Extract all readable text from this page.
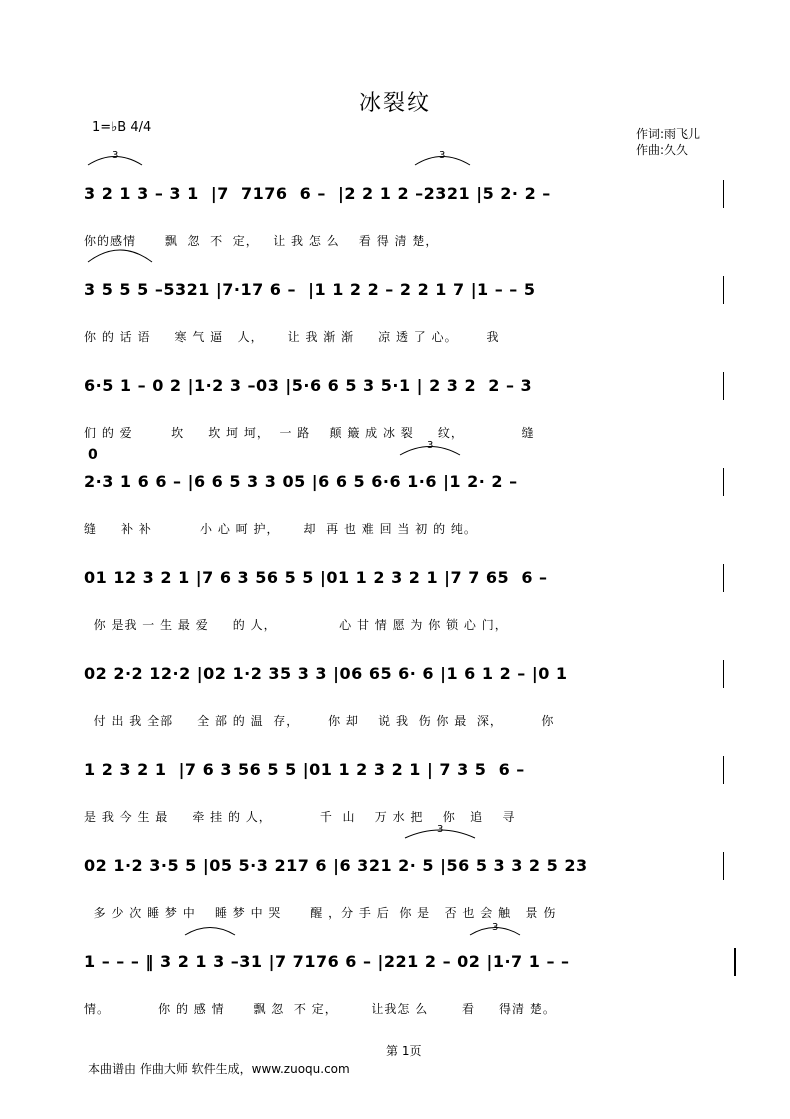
冰裂纹
1=♭B 4/4	作词:雨飞儿
作曲:久久
3 2 1 3 – 3 1  |7  7176  6 –  |2 2 1 2 –2321 |5 2· 2 –
你的感情      飘  忽  不  定，   让 我 怎 么    看 得 清 楚，
3 5 5 5 –5321 |7·17 6 –  |1 1 2 2 – 2 2 1 7 |1 – – 5
你 的 话 语     寒 气 逼   人，     让 我 渐 渐     凉 透 了 心。      我
6·5 1 – 0 2 |1·2 3 –03 |5·6 6 5 3 5·1 | 2 3 2  2 – 3
们 的 爱        坎     坎 坷 坷，  一 路    颠 簸 成 冰 裂     纹，            缝
0
2·3 1 6 6 – |6 6 5 3 3 05 |6 6 5 6·6 1·6 |1 2· 2 –
缝     补 补          小 心 呵 护，     却  再 也 难 回 当 初 的 纯。
01 12 3 2 1 |7 6 3 56 5 5 |01 1 2 3 2 1 |7 7 65  6 –
你 是我 一 生 最 爱     的 人，             心 甘 情 愿 为 你 锁 心 门，
02 2·2 12·2 |02 1·2 35 3 3 |06 65 6· 6 |1 6 1 2 – |0 1
付 出 我 全部     全 部 的 温  存，      你 却    说 我  伤 你 最  深，        你
1 2 3 2 1  |7 6 3 56 5 5 |01 1 2 3 2 1 | 7 3 5  6 –
是 我 今 生 最     牵 挂 的 人，          千  山    万 水 把    你   追    寻
02 1·2 3·5 5 |05 5·3 217 6 |6 321 2· 5 |56 5 3 3 2 5 23
多 少 次 睡 梦 中    睡 梦 中 哭      醒 ，分 手 后  你 是   否 也 会 触   景 伤
1 – – – ‖ 3 2 1 3 –31 |7 7176 6 – |221 2 – 02 |1·7 1 – –
情。          你 的 感 情      飘 忽  不 定，       让我怎 么       看     得清 楚。
3	3
3
3
3
第 1页
本曲谱由 作曲大师 软件生成，www.zuoqu.com
